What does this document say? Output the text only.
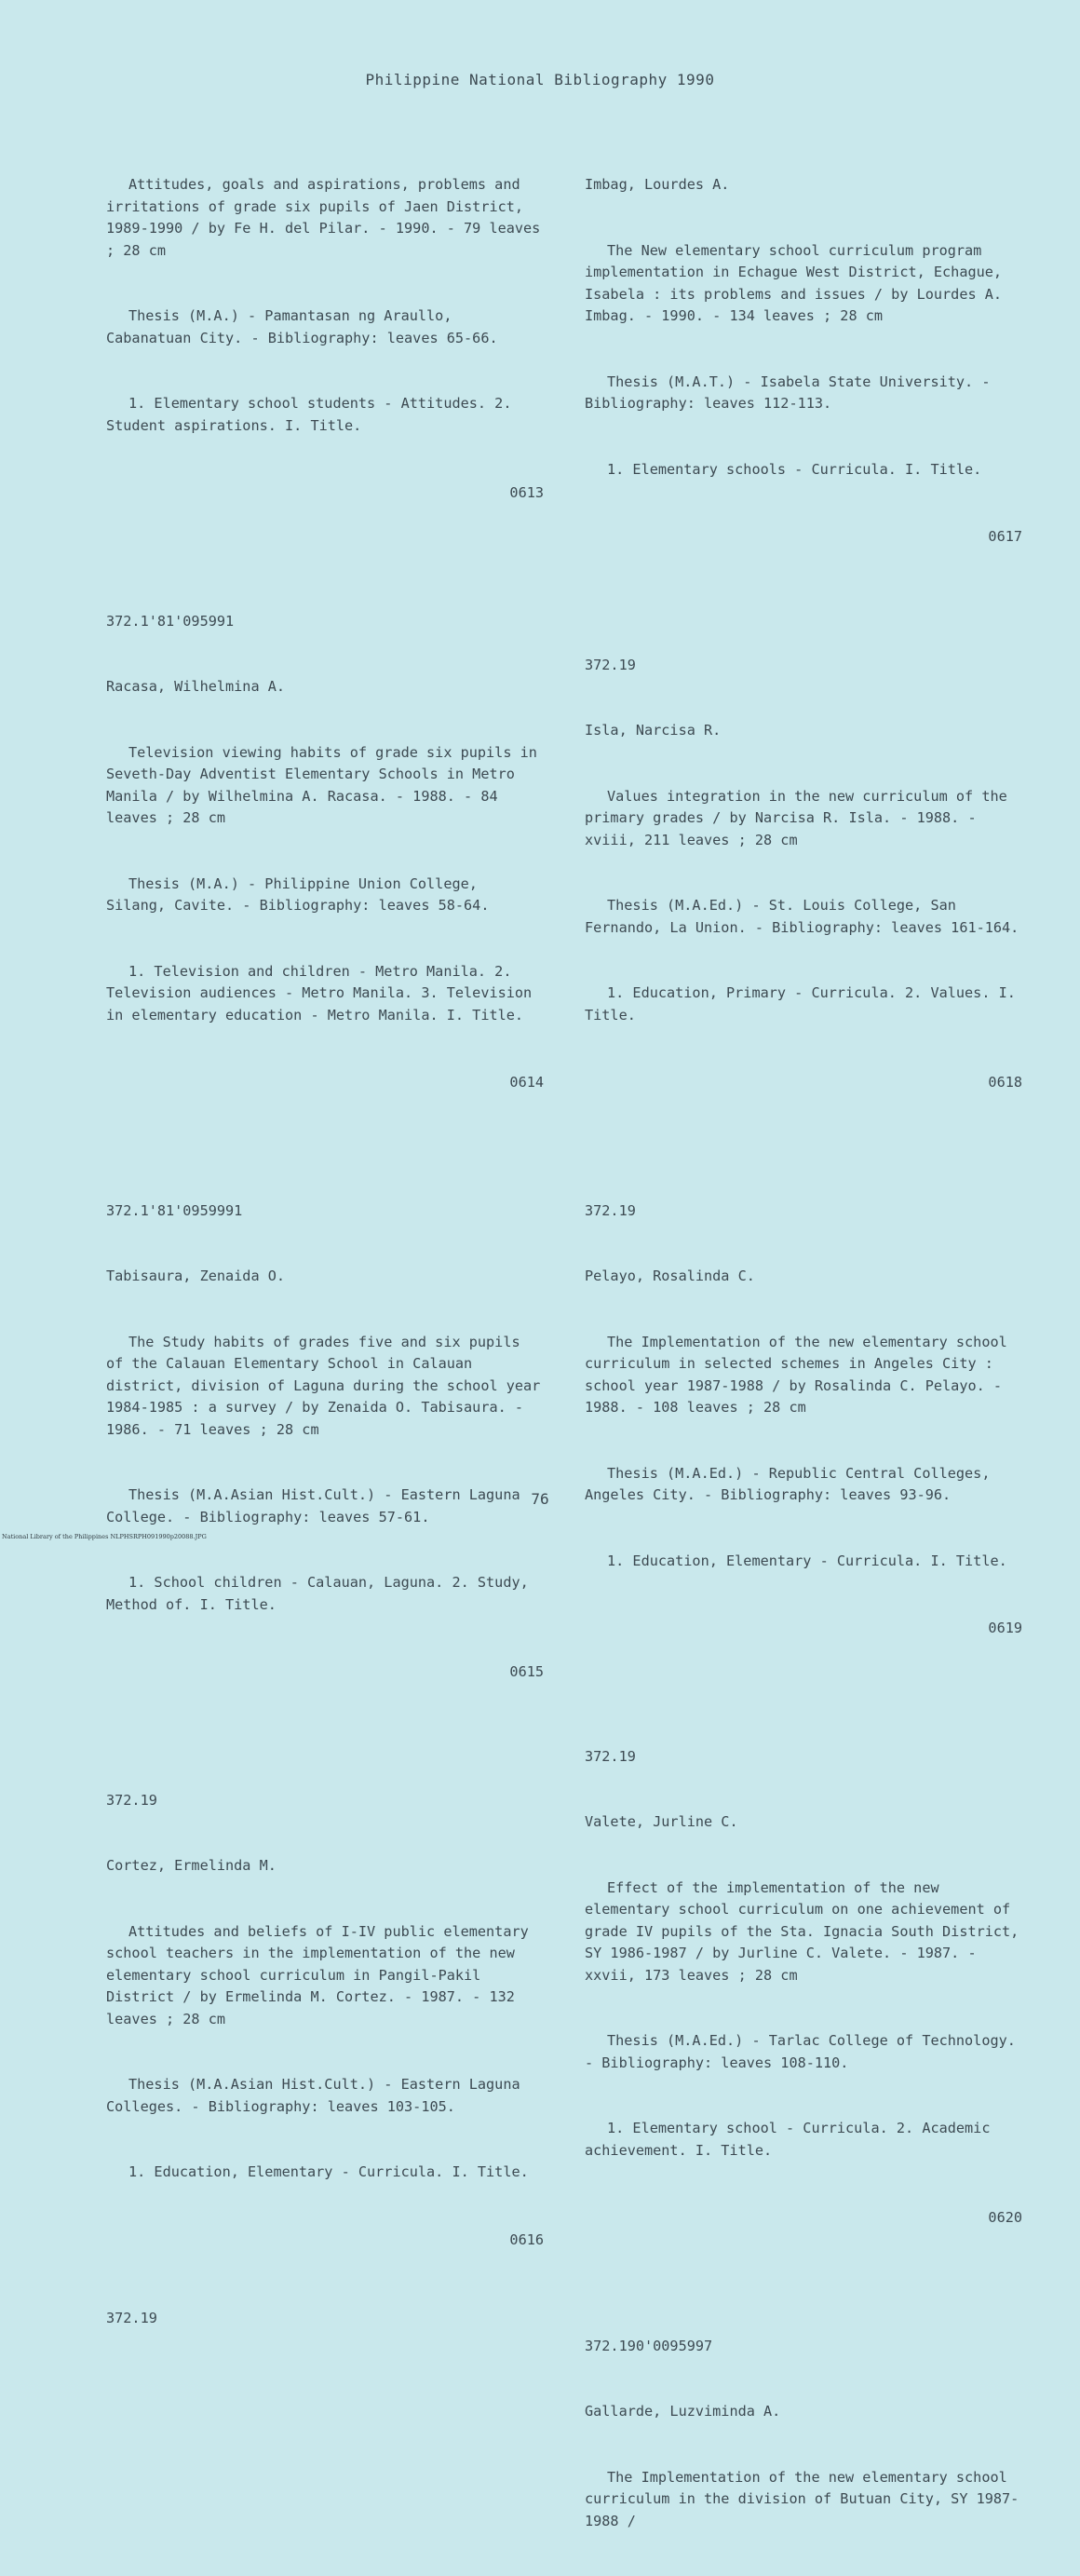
Philippine National Bibliography 1990

Attitudes, goals and aspirations, problems and irritations of grade six pupils of Jaen District, 1989-1990 / by Fe H. del Pilar. - 1990. - 79 leaves ; 28 cm

Thesis (M.A.) - Pamantasan ng Araullo, Cabanatuan City. - Bibliography: leaves 65-66.

1. Elementary school students - Attitudes. 2. Student aspirations. I. Title.

0613

372.1'81'095991

Racasa, Wilhelmina A.

Television viewing habits of grade six pupils in Seveth-Day Adventist Elementary Schools in Metro Manila / by Wilhelmina A. Racasa. - 1988. - 84 leaves ; 28 cm

Thesis (M.A.) - Philippine Union College, Silang, Cavite. - Bibliography: leaves 58-64.

1. Television and children - Metro Manila. 2. Television audiences - Metro Manila. 3. Television in elementary education - Metro Manila. I. Title.

0614

372.1'81'0959991

Tabisaura, Zenaida O.

The Study habits of grades five and six pupils of the Calauan Elementary School in Calauan district, division of Laguna during the school year 1984-1985 : a survey / by Zenaida O. Tabisaura. - 1986. - 71 leaves ; 28 cm

Thesis (M.A.Asian Hist.Cult.) - Eastern Laguna College. - Bibliography: leaves 57-61.

1. School children - Calauan, Laguna. 2. Study, Method of. I. Title.

0615

372.19

Cortez, Ermelinda M.

Attitudes and beliefs of I-IV public elementary school teachers in the implementation of the new elementary school curriculum in Pangil-Pakil District / by Ermelinda M. Cortez. - 1987. - 132 leaves ; 28 cm

Thesis (M.A.Asian Hist.Cult.) - Eastern Laguna Colleges. - Bibliography: leaves 103-105.

1. Education, Elementary - Curricula. I. Title.

0616

372.19

Imbag, Lourdes A.

The New elementary school curriculum program implementation in Echague West District, Echague, Isabela : its problems and issues / by Lourdes A. Imbag. - 1990. - 134 leaves ; 28 cm

Thesis (M.A.T.) - Isabela State University. - Bibliography: leaves 112-113.

1. Elementary schools - Curricula. I. Title.

0617

372.19

Isla, Narcisa R.

Values integration in the new curriculum of the primary grades / by Narcisa R. Isla. - 1988. - xviii, 211 leaves ; 28 cm

Thesis (M.A.Ed.) - St. Louis College, San Fernando, La Union. - Bibliography: leaves 161-164.

1. Education, Primary - Curricula. 2. Values. I. Title.

0618

372.19

Pelayo, Rosalinda C.

The Implementation of the new elementary school curriculum in selected schemes in Angeles City : school year 1987-1988 / by Rosalinda C. Pelayo. - 1988. - 108 leaves ; 28 cm

Thesis (M.A.Ed.) - Republic Central Colleges, Angeles City. - Bibliography: leaves 93-96.

1. Education, Elementary - Curricula. I. Title.

0619

372.19

Valete, Jurline C.

Effect of the implementation of the new elementary school curriculum on one achievement of grade IV pupils of the Sta. Ignacia South District, SY 1986-1987 / by Jurline C. Valete. - 1987. - xxvii, 173 leaves ; 28 cm

Thesis (M.A.Ed.) - Tarlac College of Technology. - Bibliography: leaves 108-110.

1. Elementary school - Curricula. 2. Academic achievement. I. Title.

0620

372.190'0095997

Gallarde, Luzviminda A.

The Implementation of the new elementary school curriculum in the division of Butuan City, SY 1987-1988 /

76
National Library of the Philippines NLPHSRPH091990p20088.JPG
